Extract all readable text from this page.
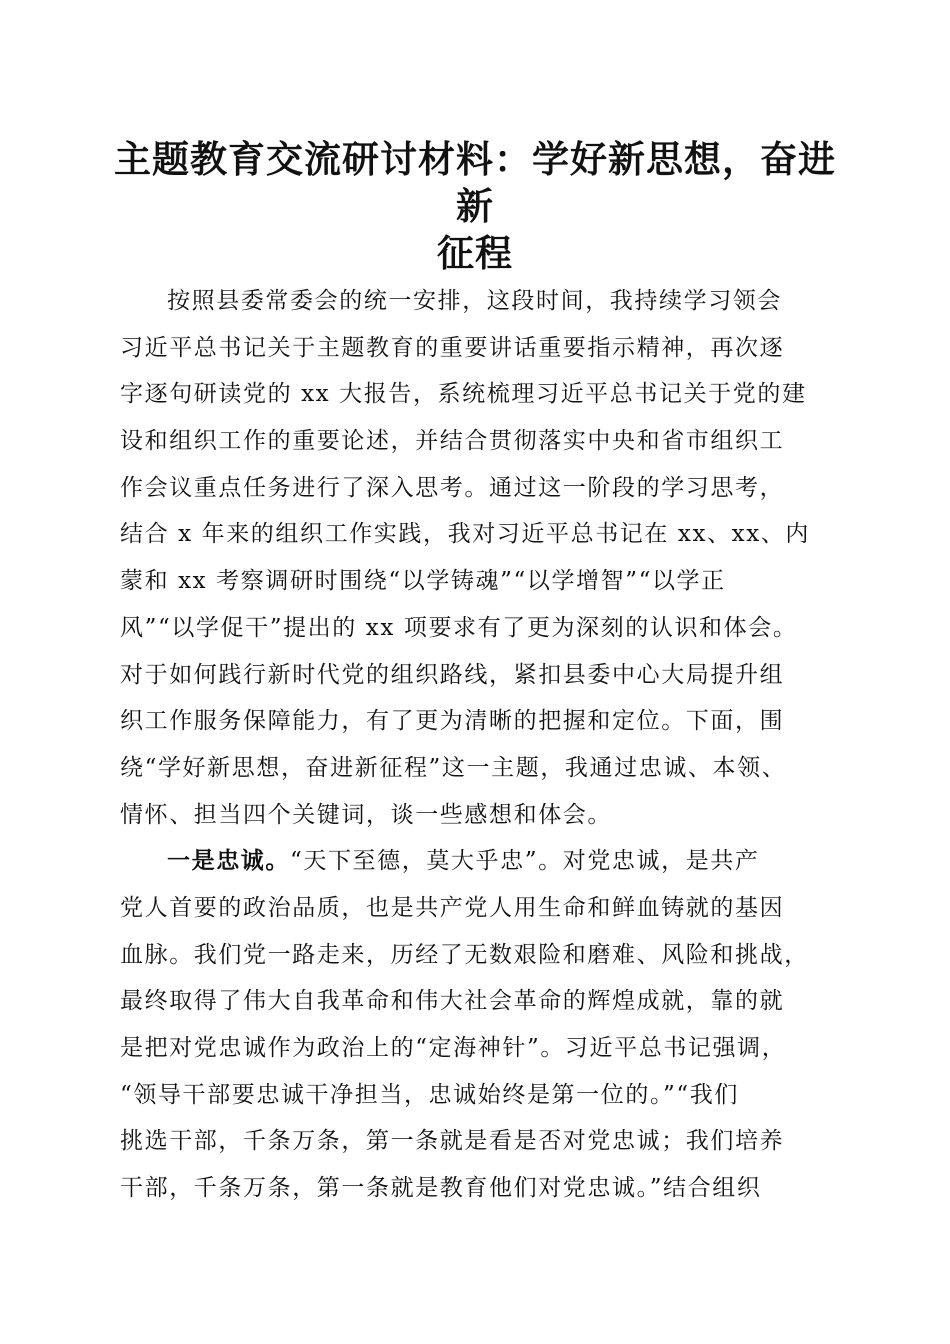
主题教育交流研讨材料：学好新思想，奋进新
征程
按照县委常委会的统一安排，这段时间，我持续学习领会
习近平总书记关于主题教育的重要讲话重要指示精神，再次逐
字逐句研读党的 xx 大报告，系统梳理习近平总书记关于党的建
设和组织工作的重要论述，并结合贯彻落实中央和省市组织工
作会议重点任务进行了深入思考。通过这一阶段的学习思考，
结合 x 年来的组织工作实践，我对习近平总书记在 xx、xx、内
蒙和 xx 考察调研时围绕“以学铸魂”“以学增智”“以学正
风”“以学促干”提出的 xx 项要求有了更为深刻的认识和体会。
对于如何践行新时代党的组织路线，紧扣县委中心大局提升组
织工作服务保障能力，有了更为清晰的把握和定位。下面，围
绕“学好新思想，奋进新征程”这一主题，我通过忠诚、本领、
情怀、担当四个关键词，谈一些感想和体会。
一是忠诚。“天下至德，莫大乎忠”。对党忠诚，是共产
党人首要的政治品质，也是共产党人用生命和鲜血铸就的基因
血脉。我们党一路走来，历经了无数艰险和磨难、风险和挑战，
最终取得了伟大自我革命和伟大社会革命的辉煌成就，靠的就
是把对党忠诚作为政治上的“定海神针”。习近平总书记强调，
“领导干部要忠诚干净担当，忠诚始终是第一位的。”“我们
挑选干部，千条万条，第一条就是看是否对党忠诚；我们培养
干部，千条万条，第一条就是教育他们对党忠诚。”结合组织
